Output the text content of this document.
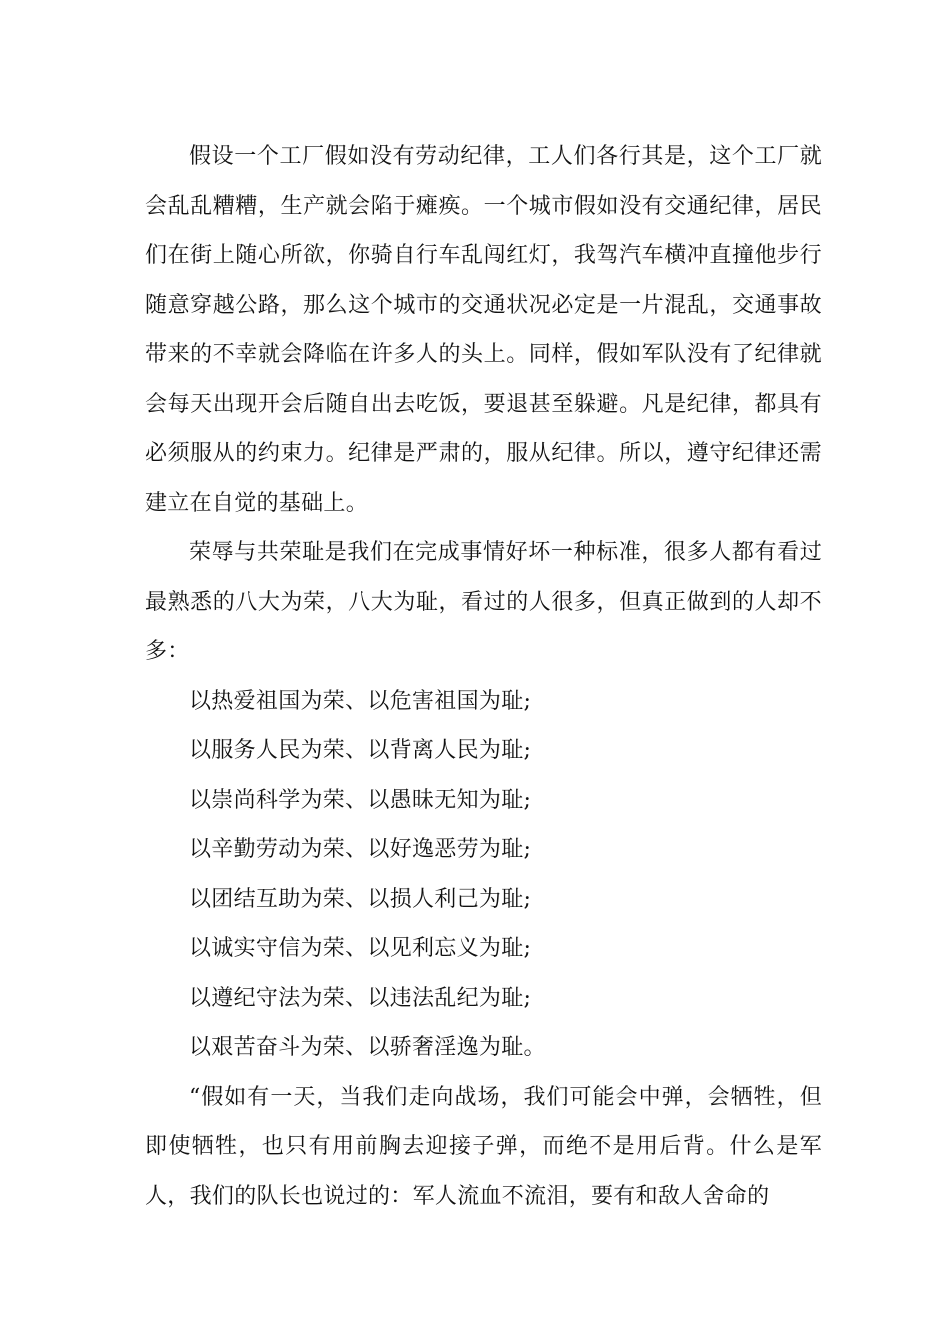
假设一个工厂假如没有劳动纪律，工人们各行其是，这个工厂就会乱乱糟糟，生产就会陷于瘫痪。一个城市假如没有交通纪律，居民们在街上随心所欲，你骑自行车乱闯红灯，我驾汽车横冲直撞他步行随意穿越公路，那么这个城市的交通状况必定是一片混乱，交通事故带来的不幸就会降临在许多人的头上。同样，假如军队没有了纪律就会每天出现开会后随自出去吃饭，要退甚至躲避。凡是纪律，都具有必须服从的约束力。纪律是严肃的，服从纪律。所以，遵守纪律还需建立在自觉的基础上。

荣辱与共荣耻是我们在完成事情好坏一种标准，很多人都有看过最熟悉的八大为荣，八大为耻，看过的人很多，但真正做到的人却不多：

以热爱祖国为荣、以危害祖国为耻;

以服务人民为荣、以背离人民为耻;

以崇尚科学为荣、以愚昧无知为耻;

以辛勤劳动为荣、以好逸恶劳为耻;

以团结互助为荣、以损人利己为耻;

以诚实守信为荣、以见利忘义为耻;

以遵纪守法为荣、以违法乱纪为耻;

以艰苦奋斗为荣、以骄奢淫逸为耻。

“假如有一天，当我们走向战场，我们可能会中弹，会牺牲，但即使牺牲，也只有用前胸去迎接子弹，而绝不是用后背。什么是军人，我们的队长也说过的：军人流血不流泪，要有和敌人舍命的
